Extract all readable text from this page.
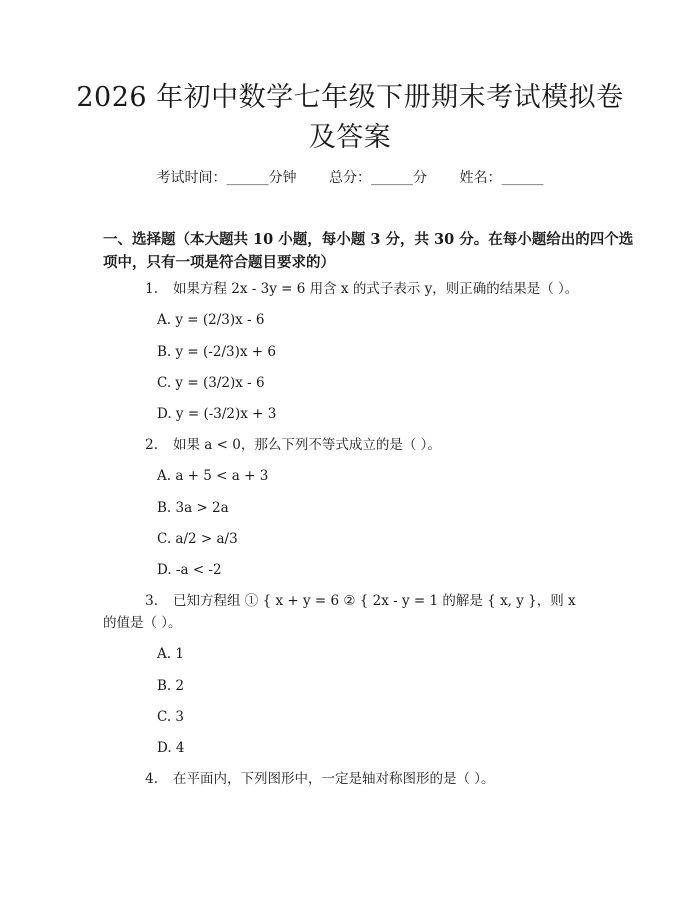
2026 年初中数学七年级下册期末考试模拟卷
及答案
考试时间：______分钟 总分：______分 姓名：______
一、选择题（本大题共 10 小题，每小题 3 分，共 30 分。在每小题给出的四个选
项中，只有一项是符合题目要求的）
1. 如果方程 2x - 3y = 6 用含 x 的式子表示 y，则正确的结果是（ ）。
A. y = (2/3)x - 6
B. y = (-2/3)x + 6
C. y = (3/2)x - 6
D. y = (-3/2)x + 3
2. 如果 a < 0，那么下列不等式成立的是（ ）。
A. a + 5 < a + 3
B. 3a > 2a
C. a/2 > a/3
D. -a < -2
3. 已知方程组 ① { x + y = 6 ② { 2x - y = 1 的解是 { x, y }，则 x
的值是（ ）。
A. 1
B. 2
C. 3
D. 4
4. 在平面内，下列图形中，一定是轴对称图形的是（ ）。
